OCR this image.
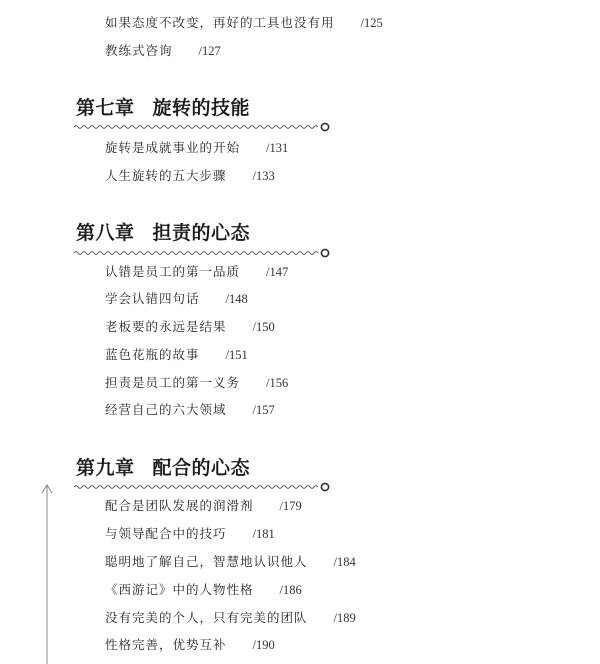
如果态度不改变，再好的工具也没有用 /125
教练式咨询 /127
第七章 旋转的技能
旋转是成就事业的开始 /131
人生旋转的五大步骤 /133
第八章 担责的心态
认错是员工的第一品质 /147
学会认错四句话 /148
老板要的永远是结果 /150
蓝色花瓶的故事 /151
担责是员工的第一义务 /156
经营自己的六大领域 /157
第九章 配合的心态
配合是团队发展的润滑剂 /179
与领导配合中的技巧 /181
聪明地了解自己，智慧地认识他人 /184
《西游记》中的人物性格 /186
没有完美的个人，只有完美的团队 /189
性格完善，优势互补 /190
